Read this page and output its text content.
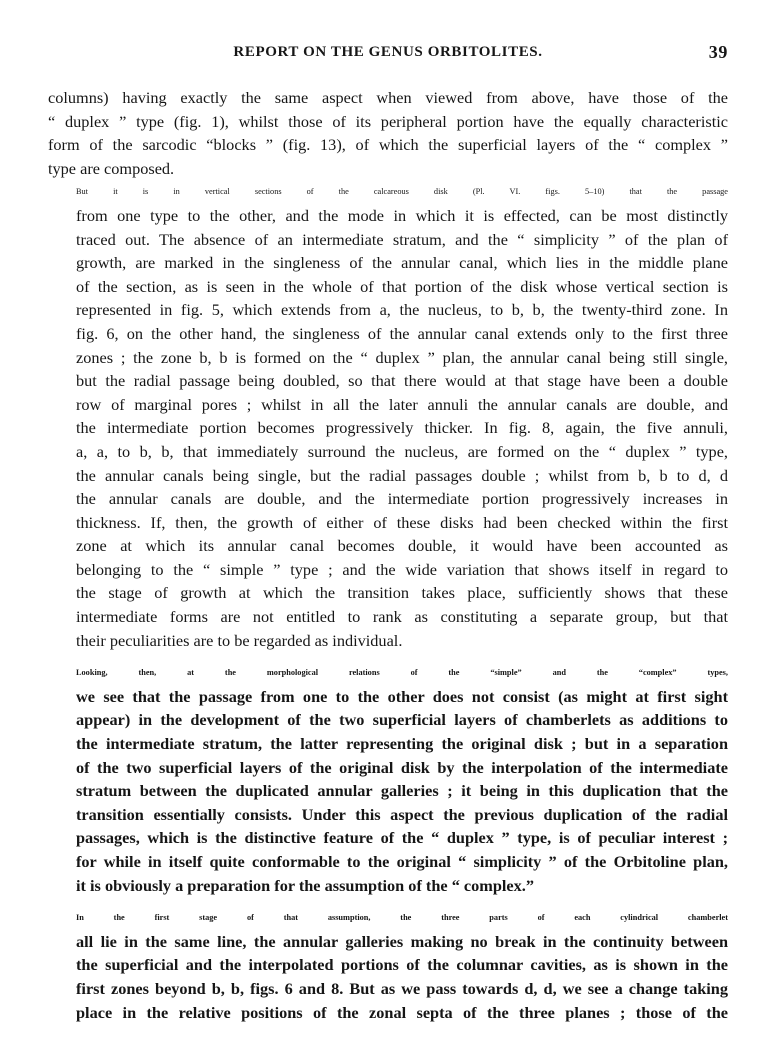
REPORT ON THE GENUS ORBITOLITES.	39

columns) having exactly the same aspect when viewed from above, have those of the
“ duplex ” type (fig. 1), whilst those of its peripheral portion have the equally characteristic
form of the sarcodic “blocks ” (fig. 13), of which the superficial layers of the “ complex ”
type are composed.

But it is in vertical sections of the calcareous disk (Pl. VI. figs. 5–10) that the passage
from one type to the other, and the mode in which it is effected, can be most distinctly
traced out. The absence of an intermediate stratum, and the “ simplicity ” of the plan of
growth, are marked in the singleness of the annular canal, which lies in the middle plane
of the section, as is seen in the whole of that portion of the disk whose vertical section is
represented in fig. 5, which extends from a, the nucleus, to b, b, the twenty-third zone. In
fig. 6, on the other hand, the singleness of the annular canal extends only to the first three
zones ; the zone b, b is formed on the “ duplex ” plan, the annular canal being still single,
but the radial passage being doubled, so that there would at that stage have been a double
row of marginal pores ; whilst in all the later annuli the annular canals are double, and
the intermediate portion becomes progressively thicker. In fig. 8, again, the five annuli,
a, a, to b, b, that immediately surround the nucleus, are formed on the “ duplex ” type,
the annular canals being single, but the radial passages double ; whilst from b, b to d, d
the annular canals are double, and the intermediate portion progressively increases in
thickness. If, then, the growth of either of these disks had been checked within the first
zone at which its annular canal becomes double, it would have been accounted as
belonging to the “ simple ” type ; and the wide variation that shows itself in regard to
the stage of growth at which the transition takes place, sufficiently shows that these
intermediate forms are not entitled to rank as constituting a separate group, but that
their peculiarities are to be regarded as individual.

Looking, then, at the morphological relations of the “simple” and the “complex” types,
we see that the passage from one to the other does not consist (as might at first sight
appear) in the development of the two superficial layers of chamberlets as additions to
the intermediate stratum, the latter representing the original disk ; but in a separation
of the two superficial layers of the original disk by the interpolation of the intermediate
stratum between the duplicated annular galleries ; it being in this duplication that the
transition essentially consists. Under this aspect the previous duplication of the radial
passages, which is the distinctive feature of the “ duplex ” type, is of peculiar interest ;
for while in itself quite conformable to the original “ simplicity ” of the Orbitoline plan,
it is obviously a preparation for the assumption of the “ complex.”

In the first stage of that assumption, the three parts of each cylindrical chamberlet
all lie in the same line, the annular galleries making no break in the continuity between
the superficial and the interpolated portions of the columnar cavities, as is shown in the
first zones beyond b, b, figs. 6 and 8. But as we pass towards d, d, we see a change taking
place in the relative positions of the zonal septa of the three planes ; those of the
